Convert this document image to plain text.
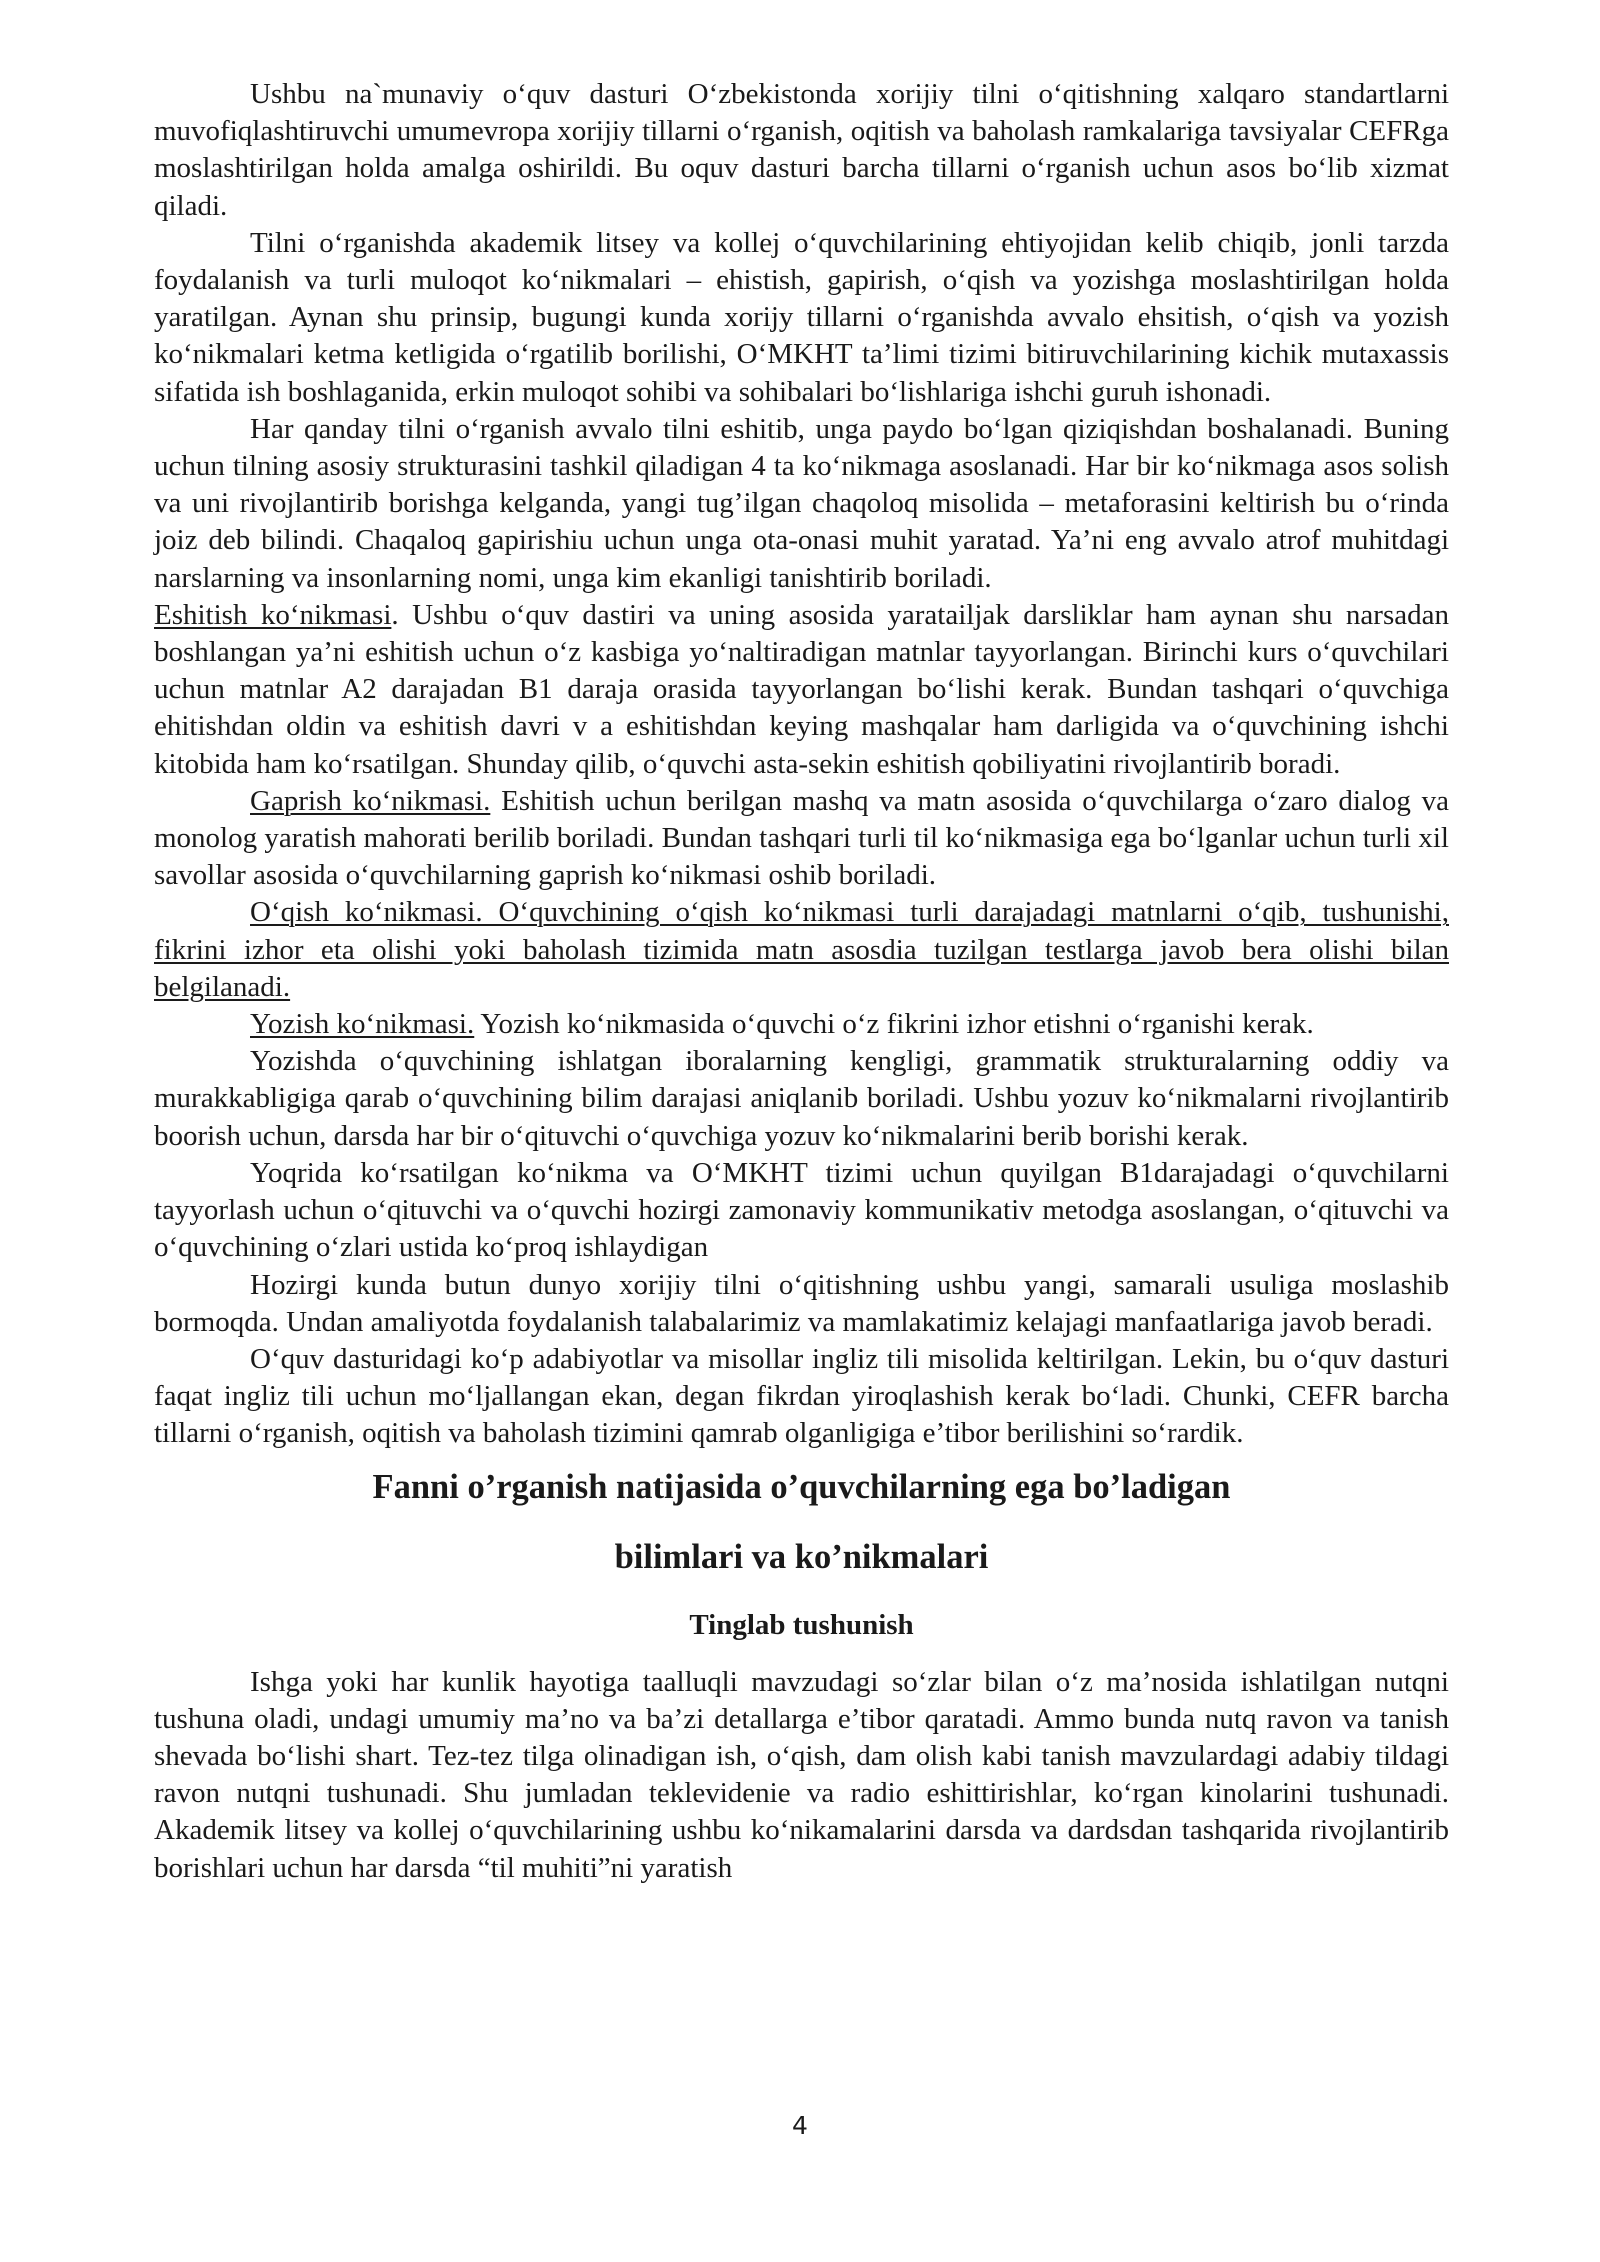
Ushbu na`munaviy o‘quv dasturi O‘zbekistonda xorijiy tilni o‘qitishning xalqaro standartlarni muvofiqlashtiruvchi umumevropa xorijiy tillarni o‘rganish, oqitish va baholash ramkalariga tavsiyalar CEFRga moslashtirilgan holda amalga oshirildi. Bu oquv dasturi barcha tillarni o‘rganish uchun asos bo‘lib xizmat qiladi.

Tilni o‘rganishda akademik litsey va kollej o‘quvchilarining ehtiyojidan kelib chiqib, jonli tarzda foydalanish va turli muloqot ko‘nikmalari – ehistish, gapirish, o‘qish va yozishga moslashtirilgan holda yaratilgan. Aynan shu prinsip, bugungi kunda xorijy tillarni o‘rganishda avvalo ehsitish, o‘qish va yozish ko‘nikmalari ketma ketligida o‘rgatilib borilishi, O‘MKHT ta’limi tizimi bitiruvchilarining kichik mutaxassis sifatida ish boshlaganida, erkin muloqot sohibi va sohibalari bo‘lishlariga ishchi guruh ishonadi.

Har qanday tilni o‘rganish avvalo tilni eshitib, unga paydo bo‘lgan qiziqishdan boshalanadi. Buning uchun tilning asosiy strukturasini tashkil qiladigan 4 ta ko‘nikmaga asoslanadi. Har bir ko‘nikmaga asos solish va uni rivojlantirib borishga kelganda, yangi tug’ilgan chaqoloq misolida – metaforasini keltirish bu o‘rinda joiz deb bilindi. Chaqaloq gapirishiu uchun unga ota-onasi muhit yaratad. Ya’ni eng avvalo atrof muhitdagi narslarning va insonlarning nomi, unga kim ekanligi tanishtirib boriladi.

Eshitish ko‘nikmasi. Ushbu o‘quv dastiri va uning asosida yaratailjak darsliklar ham aynan shu narsadan boshlangan ya’ni eshitish uchun o‘z kasbiga yo‘naltiradigan matnlar tayyorlangan. Birinchi kurs o‘quvchilari uchun matnlar A2 darajadan B1 daraja orasida tayyorlangan bo‘lishi kerak. Bundan tashqari o‘quvchiga ehitishdan oldin va eshitish davri v a eshitishdan keying mashqalar ham darligida va o‘quvchining ishchi kitobida ham ko‘rsatilgan. Shunday qilib, o‘quvchi asta-sekin eshitish qobiliyatini rivojlantirib boradi.

Gaprish ko‘nikmasi. Eshitish uchun berilgan mashq va matn asosida o‘quvchilarga o‘zaro dialog va monolog yaratish mahorati berilib boriladi. Bundan tashqari turli til ko‘nikmasiga ega bo‘lganlar uchun turli xil savollar asosida o‘quvchilarning gaprish ko‘nikmasi oshib boriladi.

O‘qish ko‘nikmasi. O‘quvchining o‘qish ko‘nikmasi turli darajadagi matnlarni o‘qib, tushunishi, fikrini izhor eta olishi yoki baholash tizimida matn asosdia tuzilgan testlarga javob bera olishi bilan belgilanadi.

Yozish ko‘nikmasi. Yozish ko‘nikmasida o‘quvchi o‘z fikrini izhor etishni o‘rganishi kerak.

Yozishda o‘quvchining ishlatgan iboralarning kengligi, grammatik strukturalarning oddiy va murakkabligiga qarab o‘quvchining bilim darajasi aniqlanib boriladi. Ushbu yozuv ko‘nikmalarni rivojlantirib boorish uchun, darsda har bir o‘qituvchi o‘quvchiga yozuv ko‘nikmalarini berib borishi kerak.

Yoqrida ko‘rsatilgan ko‘nikma va O‘MKHT tizimi uchun quyilgan B1darajadagi o‘quvchilarni tayyorlash uchun o‘qituvchi va o‘quvchi hozirgi zamonaviy kommunikativ metodga asoslangan, o‘qituvchi va o‘quvchining o‘zlari ustida ko‘proq ishlaydigan

Hozirgi kunda butun dunyo xorijiy tilni o‘qitishning ushbu yangi, samarali usuliga moslashib bormoqda. Undan amaliyotda foydalanish talabalarimiz va mamlakatimiz kelajagi manfaatlariga javob beradi.

O‘quv dasturidagi ko‘p adabiyotlar va misollar ingliz tili misolida keltirilgan. Lekin, bu o‘quv dasturi faqat ingliz tili uchun mo‘ljallangan ekan, degan fikrdan yiroqlashish kerak bo‘ladi. Chunki, CEFR barcha tillarni o‘rganish, oqitish va baholash tizimini qamrab olganligiga e’tibor berilishini so‘rardik.

Fanni o’rganish natijasida o’quvchilarning ega bo’ladigan

bilimlari va ko’nikmalari

Tinglab tushunish

Ishga yoki har kunlik hayotiga taalluqli mavzudagi so‘zlar bilan o‘z ma’nosida ishlatilgan nutqni tushuna oladi, undagi umumiy ma’no va ba’zi detallarga e’tibor qaratadi. Ammo bunda nutq ravon va tanish shevada bo‘lishi shart. Tez-tez tilga olinadigan ish, o‘qish, dam olish kabi tanish mavzulardagi adabiy tildagi ravon nutqni tushunadi. Shu jumladan teklevidenie va radio eshittirishlar, ko‘rgan kinolarini tushunadi. Akademik litsey va kollej o‘quvchilarining ushbu ko‘nikamalarini darsda va dardsdan tashqarida rivojlantirib borishlari uchun har darsda “til muhiti”ni yaratish

4
